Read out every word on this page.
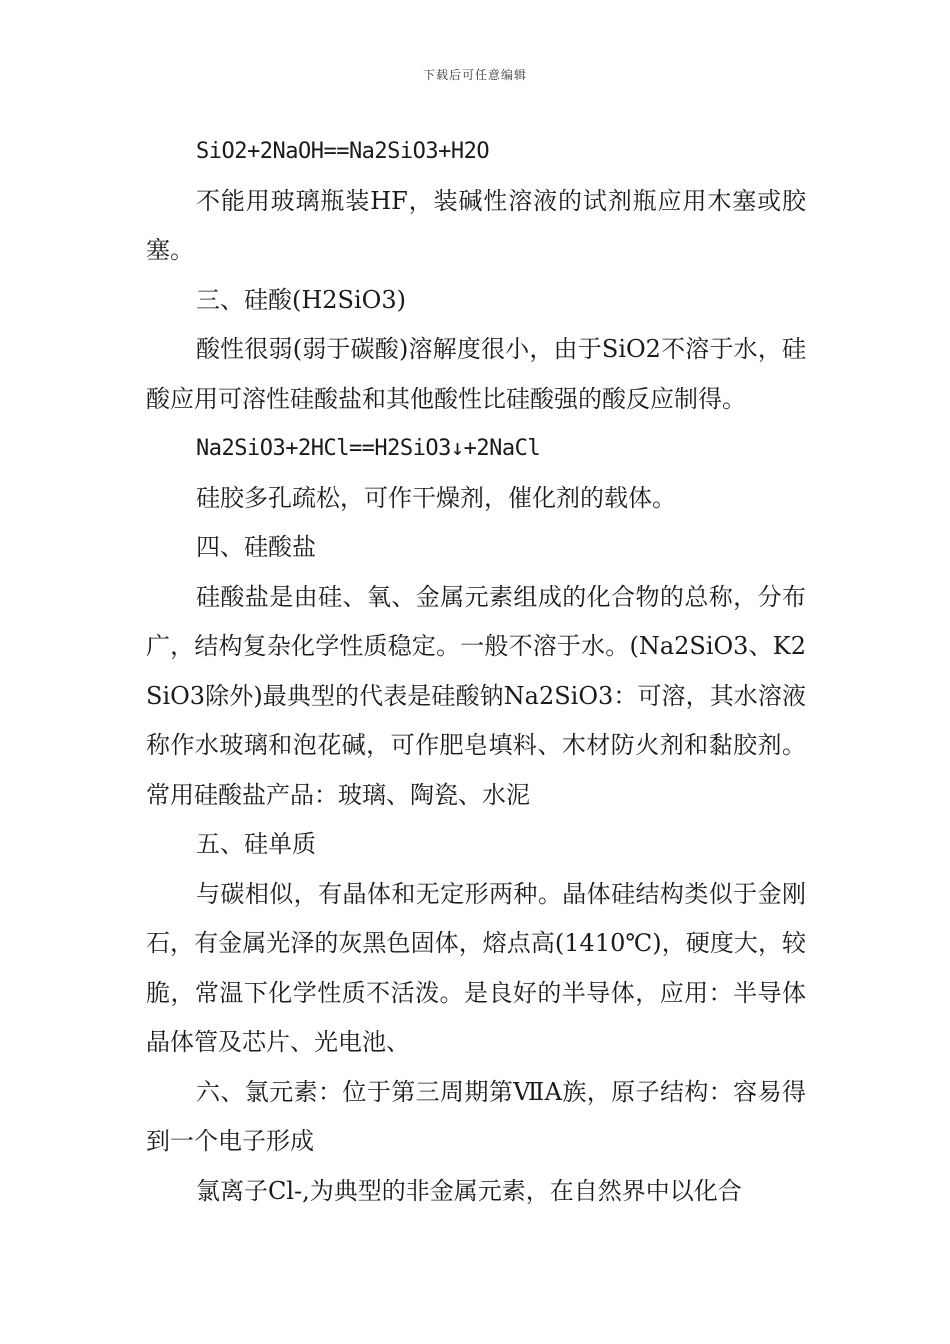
下载后可任意编辑

SiO2+2NaOH==Na2SiO3+H2O

不能用玻璃瓶装HF，装碱性溶液的试剂瓶应用木塞或胶塞。

三、硅酸(H2SiO3)

酸性很弱(弱于碳酸)溶解度很小，由于SiO2不溶于水，硅酸应用可溶性硅酸盐和其他酸性比硅酸强的酸反应制得。

Na2SiO3+2HCl==H2SiO3↓+2NaCl

硅胶多孔疏松，可作干燥剂，催化剂的载体。

四、硅酸盐

硅酸盐是由硅、氧、金属元素组成的化合物的总称，分布广，结构复杂化学性质稳定。一般不溶于水。(Na2SiO3、K2SiO3除外)最典型的代表是硅酸钠Na2SiO3：可溶，其水溶液称作水玻璃和泡花碱，可作肥皂填料、木材防火剂和黏胶剂。常用硅酸盐产品：玻璃、陶瓷、水泥

五、硅单质

与碳相似，有晶体和无定形两种。晶体硅结构类似于金刚石，有金属光泽的灰黑色固体，熔点高(1410℃)，硬度大，较脆，常温下化学性质不活泼。是良好的半导体，应用：半导体晶体管及芯片、光电池、

六、氯元素：位于第三周期第ⅦA族，原子结构：容易得到一个电子形成

氯离子Cl-,为典型的非金属元素，在自然界中以化合
